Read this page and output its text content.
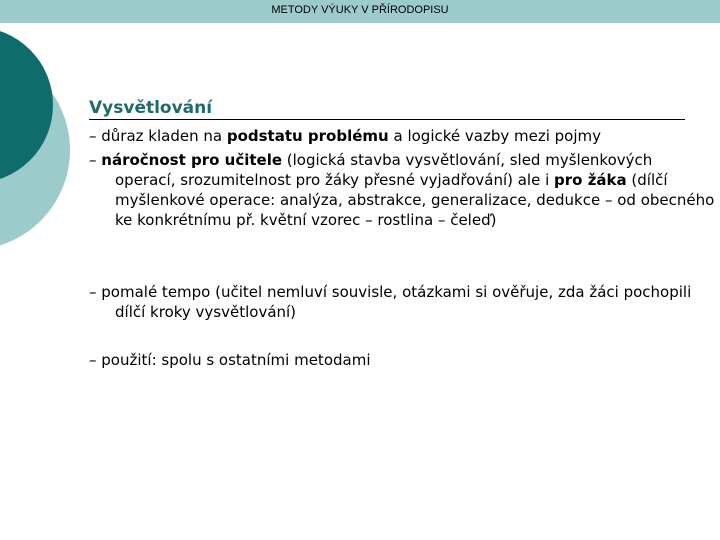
METODY VÝUKY V PŘÍRODOPISU
Vysvětlování
– důraz kladen na podstatu problému a logické vazby mezi pojmy
– náročnost pro učitele (logická stavba vysvětlování, sled myšlenkových operací, srozumitelnost pro žáky přesné vyjadřování) ale i pro žáka (dílčí myšlenkové operace: analýza, abstrakce, generalizace, dedukce – od obecného ke konkrétnímu př. květní vzorec – rostlina – čeleď)
– pomalé tempo (učitel nemluví souvisle, otázkami si ověřuje, zda žáci pochopili dílčí kroky vysvětlování)
– použití: spolu s ostatními metodami
